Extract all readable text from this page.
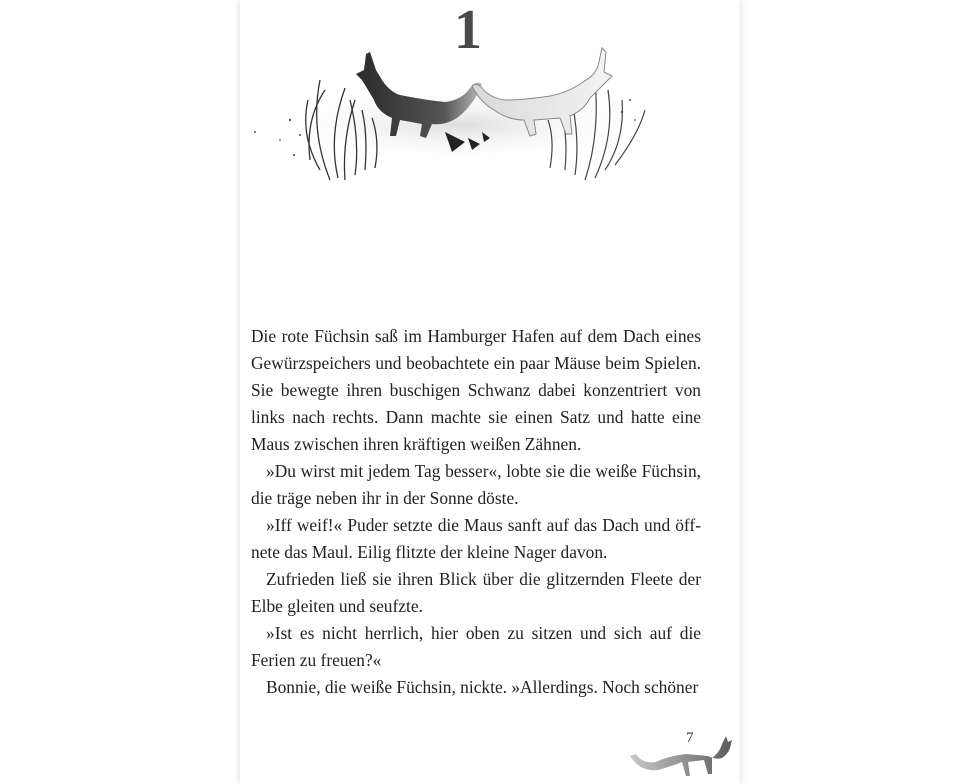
1

Die rote Füchsin saß im Hamburger Hafen auf dem Dach eines
Gewürzspeichers und beobachtete ein paar Mäuse beim Spielen.
Sie bewegte ihren buschigen Schwanz dabei konzentriert von
links nach rechts. Dann machte sie einen Satz und hatte eine
Maus zwischen ihren kräftigen weißen Zähnen.

»Du wirst mit jedem Tag besser«, lobte sie die weiße Füchsin,
die träge neben ihr in der Sonne döste.

»Iff weif!« Puder setzte die Maus sanft auf das Dach und öff-
nete das Maul. Eilig flitzte der kleine Nager davon.

Zufrieden ließ sie ihren Blick über die glitzernden Fleete der
Elbe gleiten und seufzte.

»Ist es nicht herrlich, hier oben zu sitzen und sich auf die
Ferien zu freuen?«

Bonnie, die weiße Füchsin, nickte. »Allerdings. Noch schöner

7
